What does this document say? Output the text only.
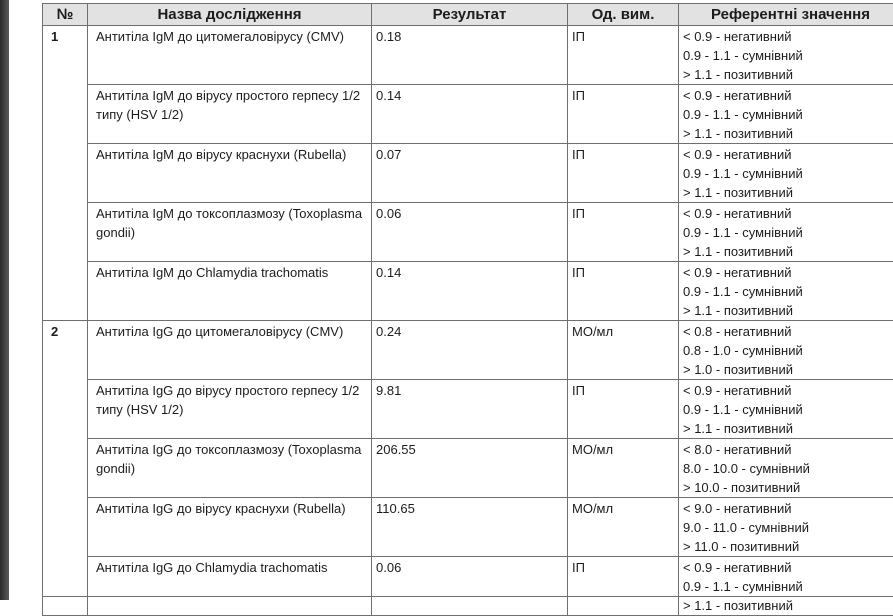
№	Назва дослідження	Результат	Од. вим.	Референтні значення
1	Антитіла IgM до цитомегаловірусу (CMV)	0.18	ІП	< 0.9 - негативний
0.9 - 1.1 - сумнівний
> 1.1 - позитивний

	Антитіла IgM до вірусу простого герпесу 1/2 типу (HSV 1/2)	0.14	ІП	< 0.9 - негативний
0.9 - 1.1 - сумнівний
> 1.1 - позитивний

	Антитіла IgM до вірусу краснухи (Rubella)	0.07	ІП	< 0.9 - негативний
0.9 - 1.1 - сумнівний
> 1.1 - позитивний

	Антитіла IgM до токсоплазмозу (Toxoplasma gondii)	0.06	ІП	< 0.9 - негативний
0.9 - 1.1 - сумнівний
> 1.1 - позитивний

	Антитіла IgM до Chlamydia trachomatis	0.14	ІП	< 0.9 - негативний
0.9 - 1.1 - сумнівний
> 1.1 - позитивний

2	Антитіла IgG до цитомегаловірусу (CMV)	0.24	МО/мл	< 0.8 - негативний
0.8 - 1.0 - сумнівний
> 1.0 - позитивний

	Антитіла IgG до вірусу простого герпесу 1/2 типу (HSV 1/2)	9.81	ІП	< 0.9 - негативний
0.9 - 1.1 - сумнівний
> 1.1 - позитивний

	Антитіла IgG до токсоплазмозу (Toxoplasma gondii)	206.55	МО/мл	< 8.0 - негативний
8.0 - 10.0 - сумнівний
> 10.0 - позитивний

	Антитіла IgG до вірусу краснухи (Rubella)	110.65	МО/мл	< 9.0 - негативний
9.0 - 11.0 - сумнівний
> 11.0 - позитивний

	Антитіла IgG до Chlamydia trachomatis	0.06	ІП	< 0.9 - негативний
0.9 - 1.1 - сумнівний
> 1.1 - позитивний
